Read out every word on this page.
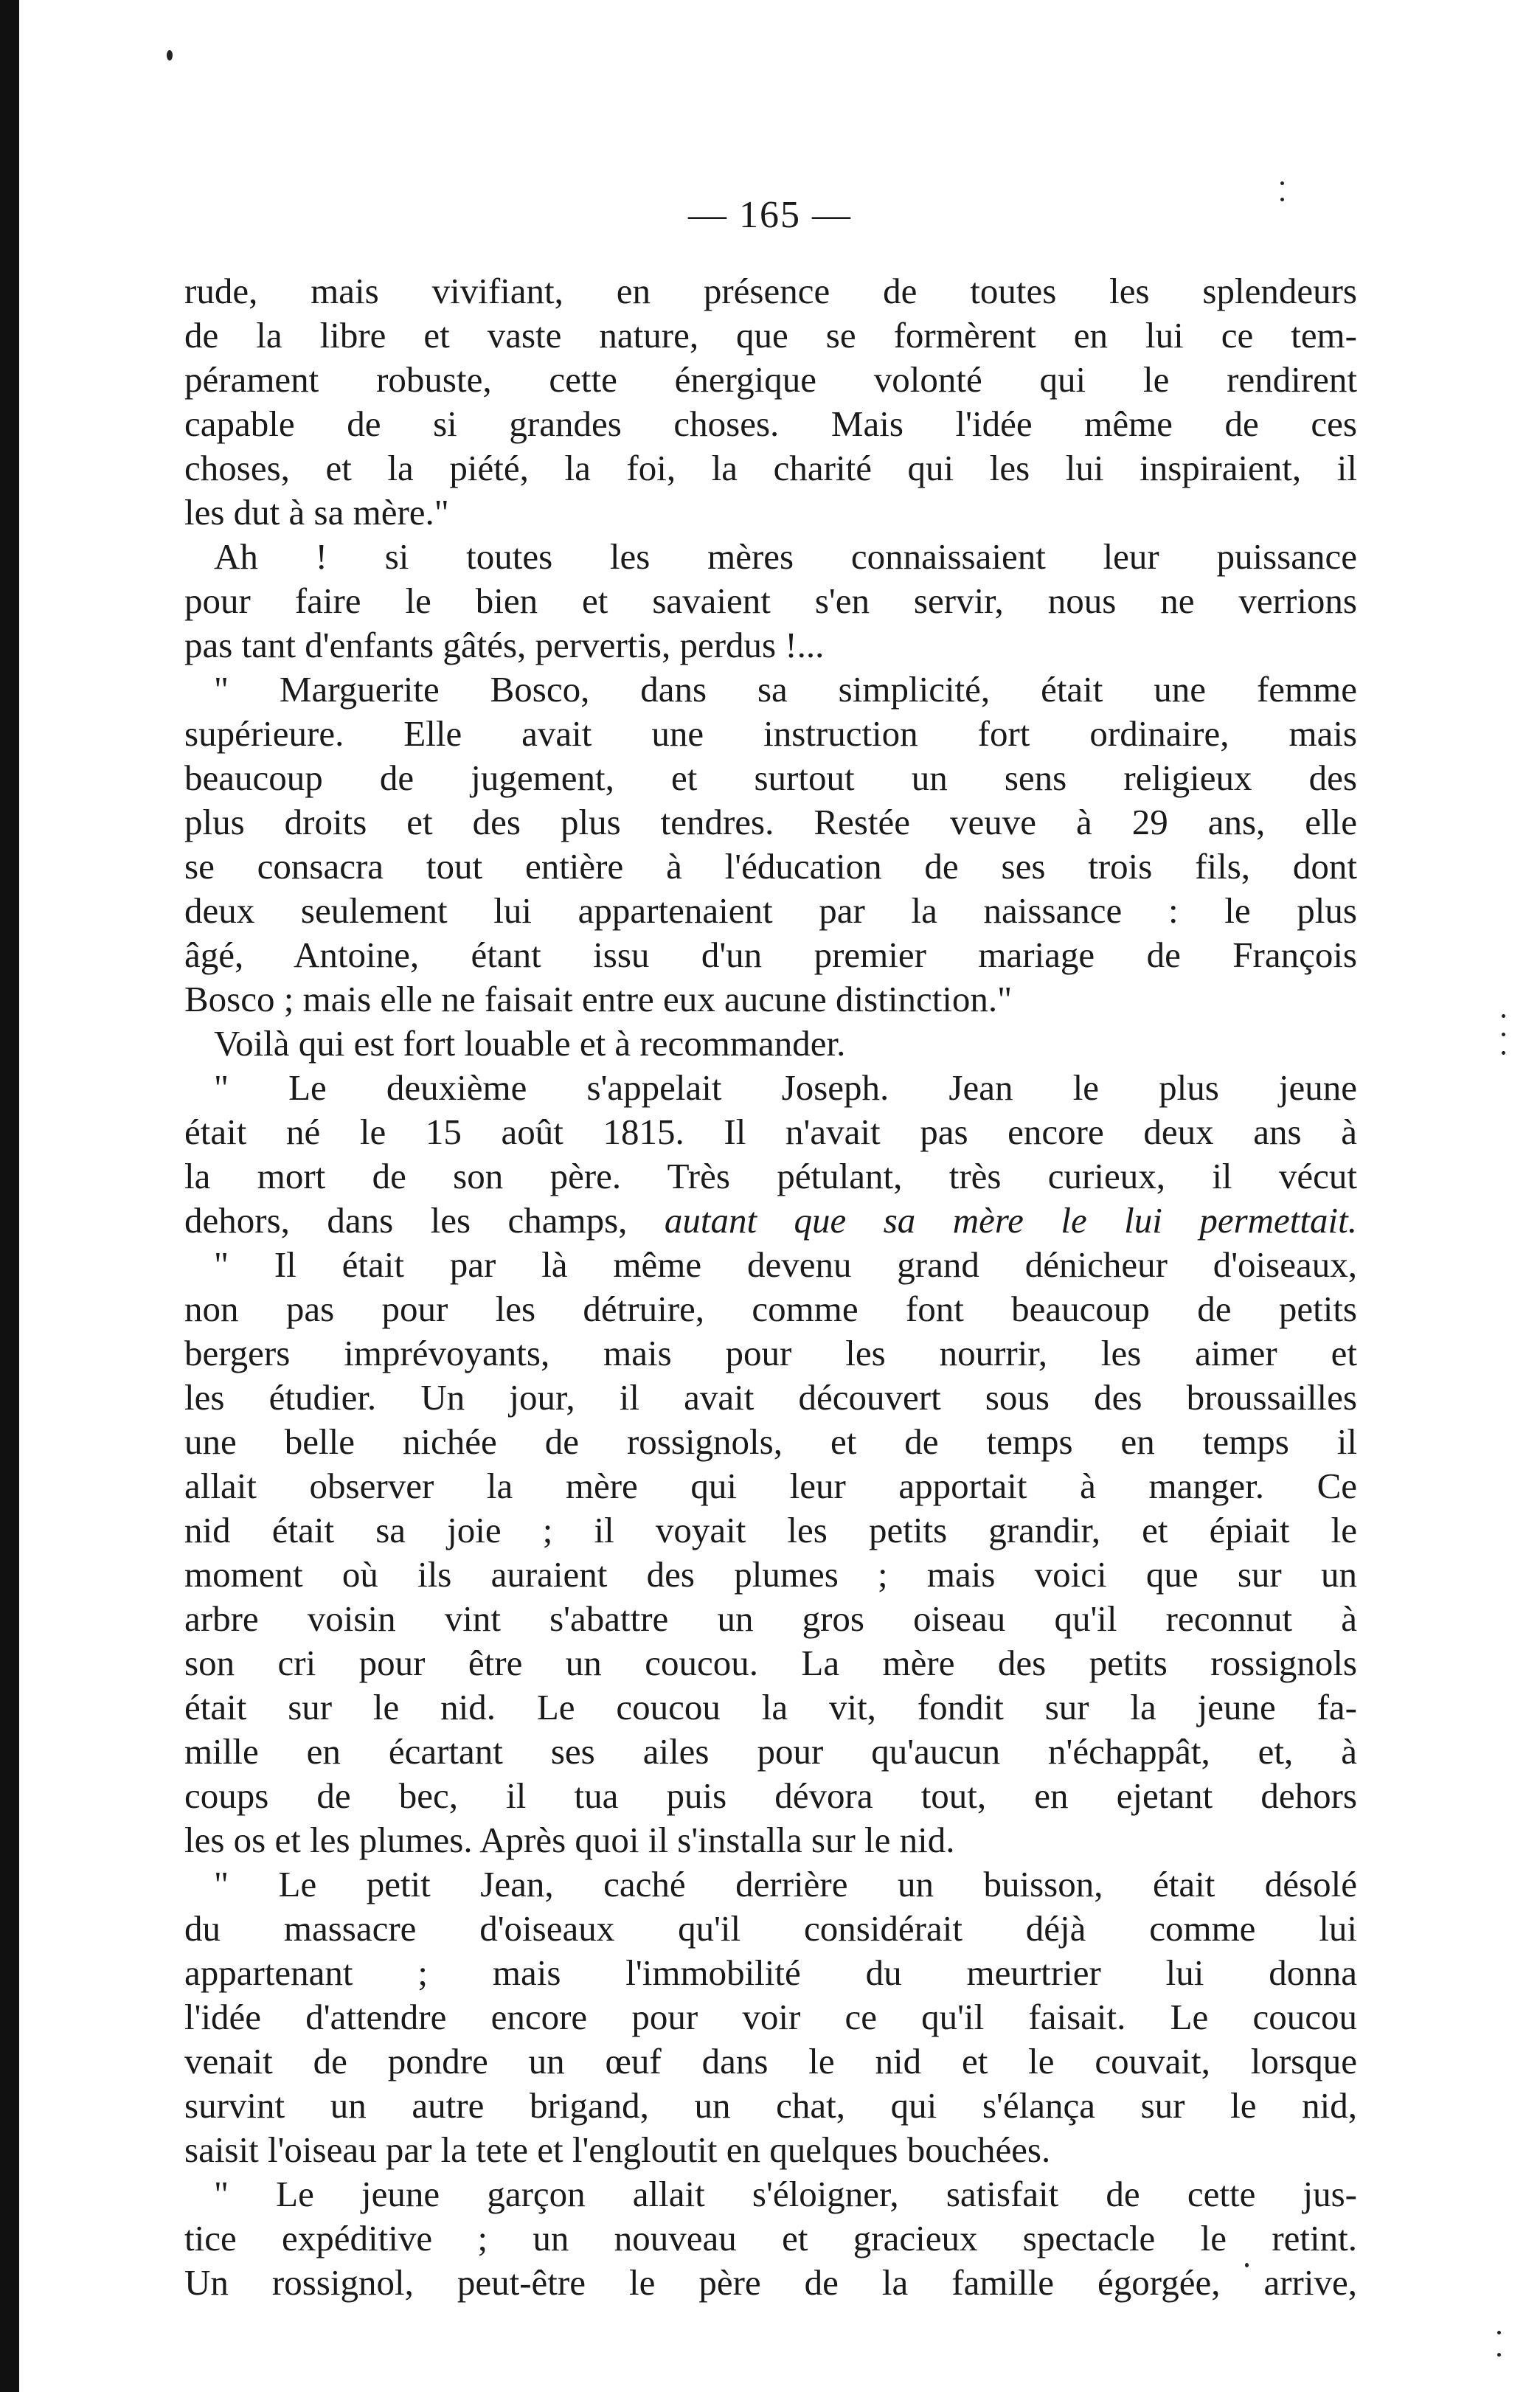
— 165 —
rude, mais vivifiant, en présence de toutes les splendeurs
de la libre et vaste nature, que se formèrent en lui ce tem-
pérament robuste, cette énergique volonté qui le rendirent
capable de si grandes choses. Mais l'idée même de ces
choses, et la piété, la foi, la charité qui les lui inspiraient, il
les dut à sa mère."
Ah ! si toutes les mères connaissaient leur puissance
pour faire le bien et savaient s'en servir, nous ne verrions
pas tant d'enfants gâtés, pervertis, perdus !...
" Marguerite Bosco, dans sa simplicité, était une femme
supérieure. Elle avait une instruction fort ordinaire, mais
beaucoup de jugement, et surtout un sens religieux des
plus droits et des plus tendres. Restée veuve à 29 ans, elle
se consacra tout entière à l'éducation de ses trois fils, dont
deux seulement lui appartenaient par la naissance : le plus
âgé, Antoine, étant issu d'un premier mariage de François
Bosco ; mais elle ne faisait entre eux aucune distinction."
Voilà qui est fort louable et à recommander.
" Le deuxième s'appelait Joseph. Jean le plus jeune
était né le 15 août 1815. Il n'avait pas encore deux ans à
la mort de son père. Très pétulant, très curieux, il vécut
dehors, dans les champs, autant que sa mère le lui permettait.
" Il était par là même devenu grand dénicheur d'oiseaux,
non pas pour les détruire, comme font beaucoup de petits
bergers imprévoyants, mais pour les nourrir, les aimer et
les étudier. Un jour, il avait découvert sous des broussailles
une belle nichée de rossignols, et de temps en temps il
allait observer la mère qui leur apportait à manger. Ce
nid était sa joie ; il voyait les petits grandir, et épiait le
moment où ils auraient des plumes ; mais voici que sur un
arbre voisin vint s'abattre un gros oiseau qu'il reconnut à
son cri pour être un coucou. La mère des petits rossignols
était sur le nid. Le coucou la vit, fondit sur la jeune fa-
mille en écartant ses ailes pour qu'aucun n'échappât, et, à
coups de bec, il tua puis dévora tout, en ejetant dehors
les os et les plumes. Après quoi il s'installa sur le nid.
" Le petit Jean, caché derrière un buisson, était désolé
du massacre d'oiseaux qu'il considérait déjà comme lui
appartenant ; mais l'immobilité du meurtrier lui donna
l'idée d'attendre encore pour voir ce qu'il faisait. Le coucou
venait de pondre un œuf dans le nid et le couvait, lorsque
survint un autre brigand, un chat, qui s'élança sur le nid,
saisit l'oiseau par la tete et l'engloutit en quelques bouchées.
" Le jeune garçon allait s'éloigner, satisfait de cette jus-
tice expéditive ; un nouveau et gracieux spectacle le retint.
Un rossignol, peut-être le père de la famille égorgée, arrive,
